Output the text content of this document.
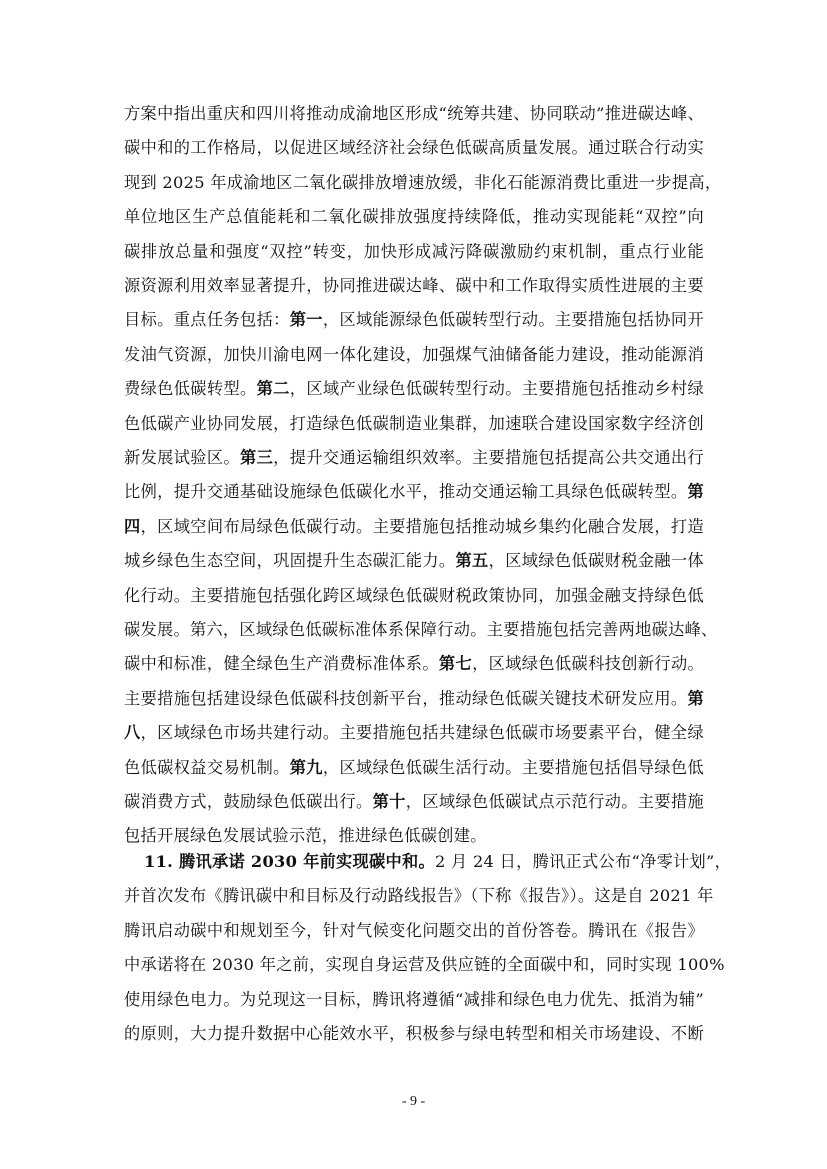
方案中指出重庆和四川将推动成渝地区形成“统筹共建、协同联动”推进碳达峰、
碳中和的工作格局，以促进区域经济社会绿色低碳高质量发展。通过联合行动实
现到 2025 年成渝地区二氧化碳排放增速放缓，非化石能源消费比重进一步提高，
单位地区生产总值能耗和二氧化碳排放强度持续降低，推动实现能耗“双控”向
碳排放总量和强度“双控”转变，加快形成减污降碳激励约束机制，重点行业能
源资源利用效率显著提升，协同推进碳达峰、碳中和工作取得实质性进展的主要
目标。重点任务包括：第一，区域能源绿色低碳转型行动。主要措施包括协同开
发油气资源，加快川渝电网一体化建设，加强煤气油储备能力建设，推动能源消
费绿色低碳转型。第二，区域产业绿色低碳转型行动。主要措施包括推动乡村绿
色低碳产业协同发展，打造绿色低碳制造业集群，加速联合建设国家数字经济创
新发展试验区。第三，提升交通运输组织效率。主要措施包括提高公共交通出行
比例，提升交通基础设施绿色低碳化水平，推动交通运输工具绿色低碳转型。第
四，区域空间布局绿色低碳行动。主要措施包括推动城乡集约化融合发展，打造
城乡绿色生态空间，巩固提升生态碳汇能力。第五，区域绿色低碳财税金融一体
化行动。主要措施包括强化跨区域绿色低碳财税政策协同，加强金融支持绿色低
碳发展。第六，区域绿色低碳标准体系保障行动。主要措施包括完善两地碳达峰、
碳中和标准，健全绿色生产消费标准体系。第七，区域绿色低碳科技创新行动。
主要措施包括建设绿色低碳科技创新平台，推动绿色低碳关键技术研发应用。第
八，区域绿色市场共建行动。主要措施包括共建绿色低碳市场要素平台，健全绿
色低碳权益交易机制。第九，区域绿色低碳生活行动。主要措施包括倡导绿色低
碳消费方式，鼓励绿色低碳出行。第十，区域绿色低碳试点示范行动。主要措施
包括开展绿色发展试验示范，推进绿色低碳创建。
11. 腾讯承诺 2030 年前实现碳中和。2 月 24 日，腾讯正式公布“净零计划”，
并首次发布《腾讯碳中和目标及行动路线报告》（下称《报告》）。这是自 2021 年
腾讯启动碳中和规划至今，针对气候变化问题交出的首份答卷。腾讯在《报告》
中承诺将在 2030 年之前，实现自身运营及供应链的全面碳中和，同时实现 100%
使用绿色电力。为兑现这一目标，腾讯将遵循“减排和绿色电力优先、抵消为辅”
的原则，大力提升数据中心能效水平，积极参与绿电转型和相关市场建设、不断
- 9 -
